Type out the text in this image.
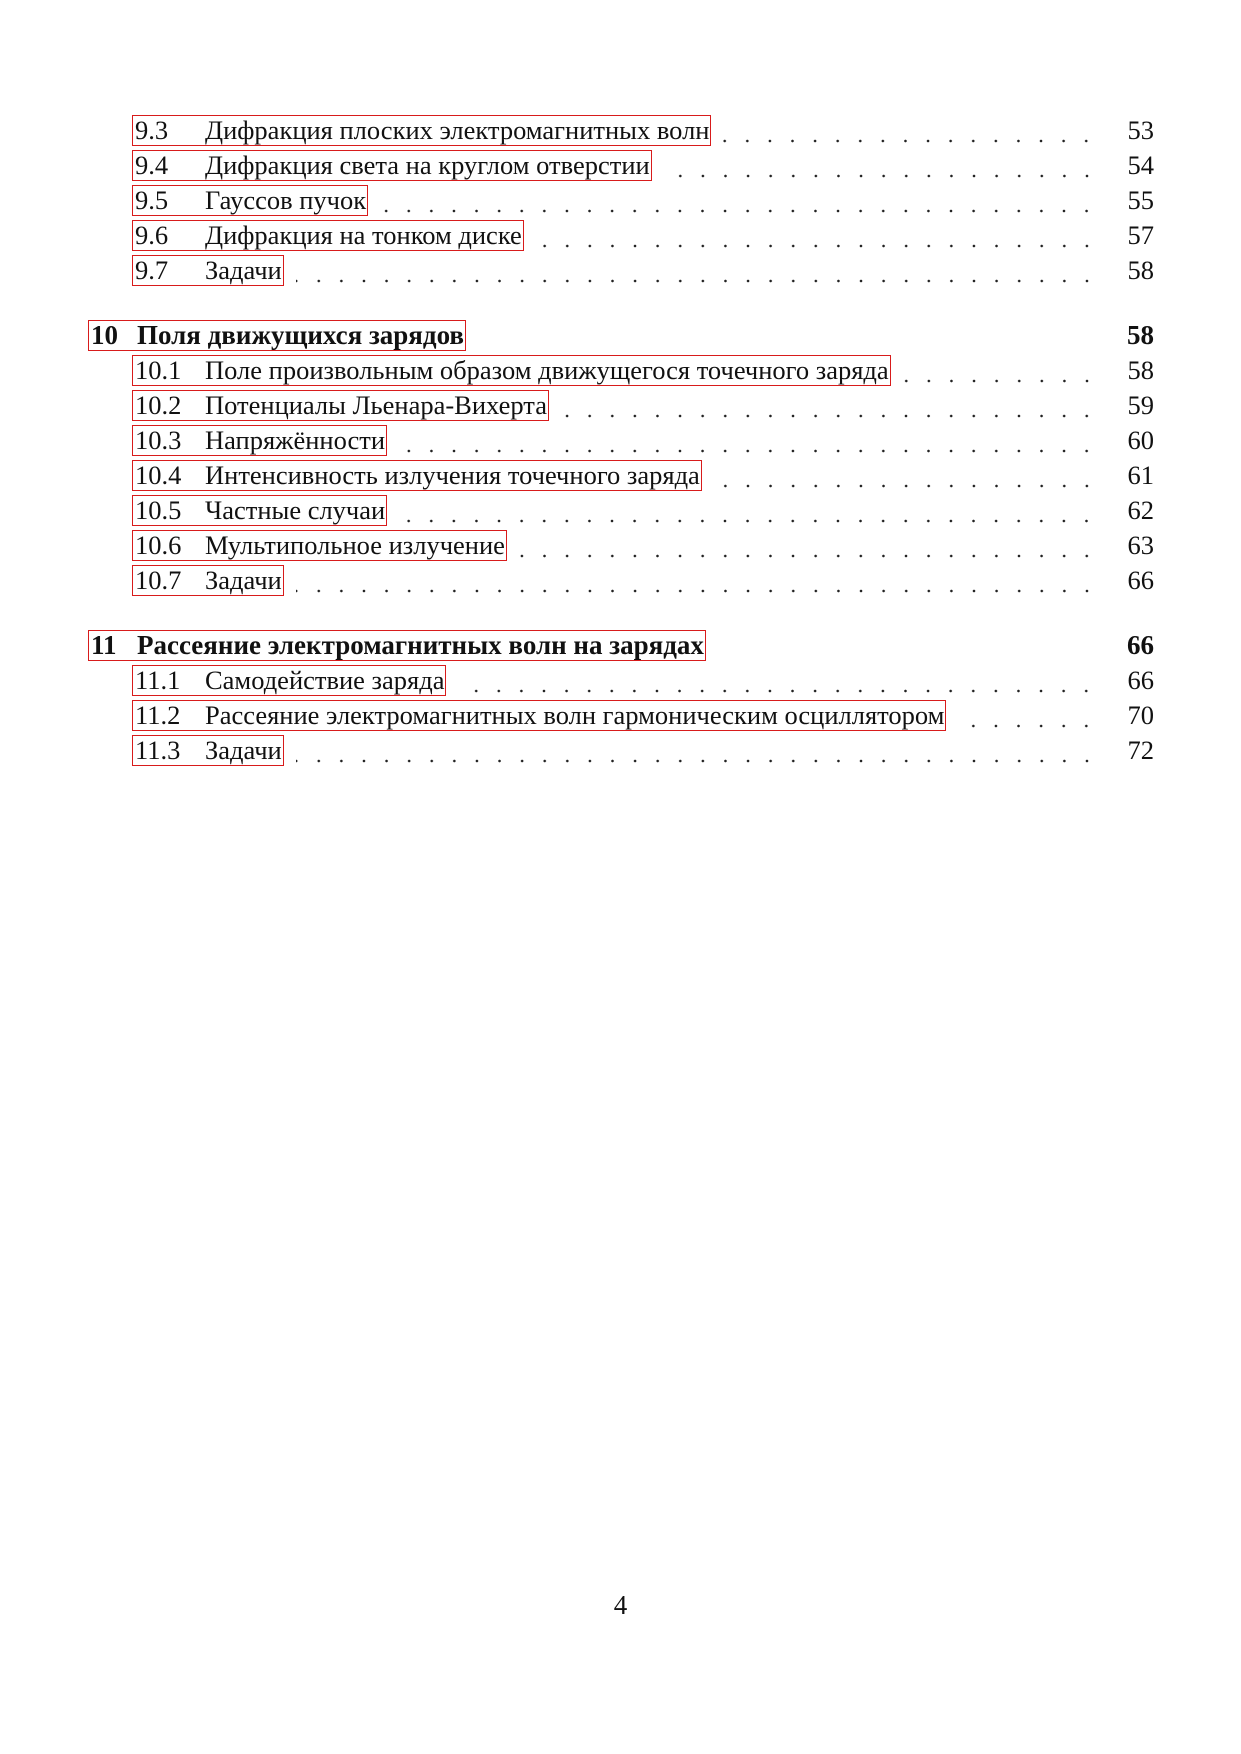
9.3	Дифракция плоских электромагнитных волн	53
9.4	Дифракция света на круглом отверстии	54
9.5	Гауссов пучок	55
9.6	Дифракция на тонком диске	57
9.7	Задачи	58
10 Поля движущихся зарядов	58
10.1 Поле произвольным образом движущегося точечного заряда	58
10.2 Потенциалы Льенара-Вихерта	59
10.3 Напряжённости	60
10.4 Интенсивность излучения точечного заряда	61
10.5 Частные случаи	62
10.6 Мультипольное излучение	63
10.7 Задачи	66
11 Рассеяние электромагнитных волн на зарядах	66
11.1 Самодействие заряда	66
11.2 Рассеяние электромагнитных волн гармоническим осциллятором	70
11.3 Задачи	72
4
